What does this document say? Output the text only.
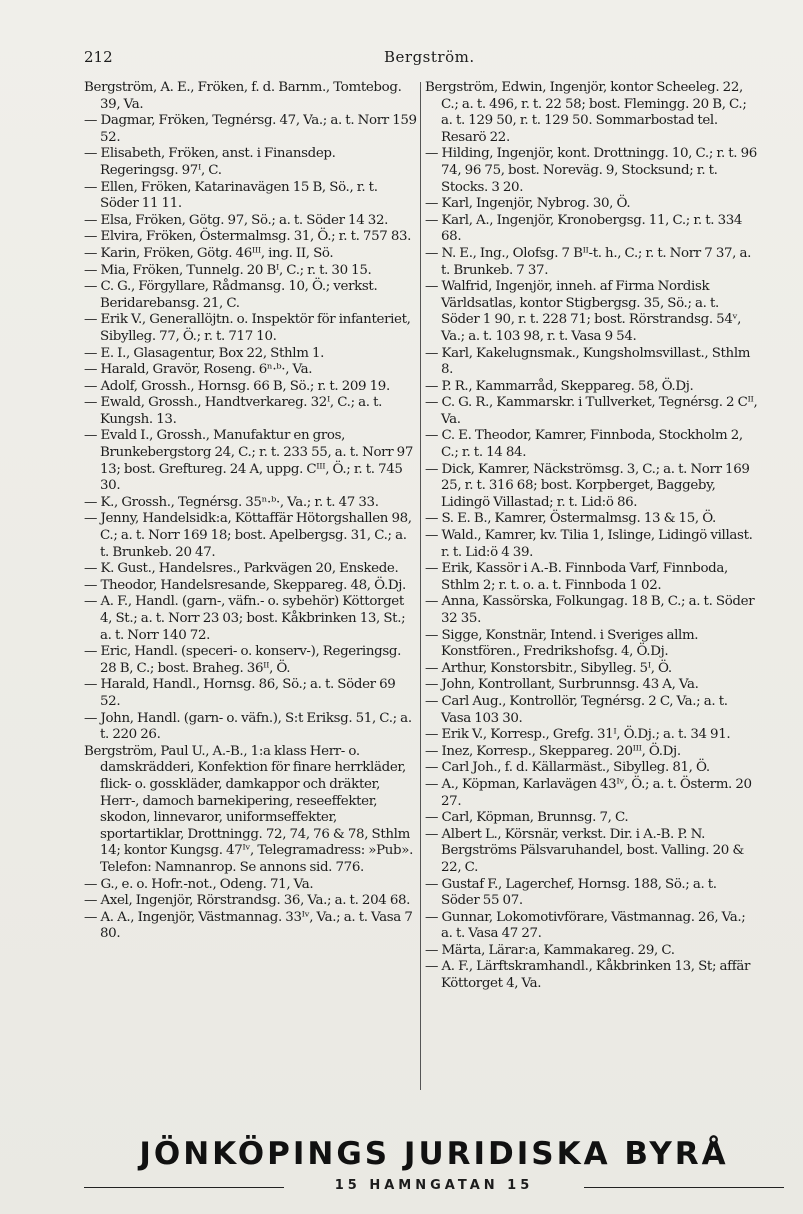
212	Bergström.

Bergström, A. E., Fröken, f. d. Barnm., Tomtebog. 39, Va.

— Dagmar, Fröken, Tegnérsg. 47, Va.; a. t. Norr 159 52.

— Elisabeth, Fröken, anst. i Finansdep. Regeringsg. 97ᴵ, C.

— Ellen, Fröken, Katarinavägen 15 B, Sö., r. t. Söder 11 11.

— Elsa, Fröken, Götg. 97, Sö.; a. t. Söder 14 32.

— Elvira, Fröken, Östermalmsg. 31, Ö.; r. t. 757 83.

— Karin, Fröken, Götg. 46ᴵᴵᴵ, ing. II, Sö.

— Mia, Fröken, Tunnelg. 20 Bᴵ, C.; r. t. 30 15.

— C. G., Förgyllare, Rådmansg. 10, Ö.; verkst. Beridarebansg. 21, C.

— Erik V., Generallöjtn. o. Inspektör för infanteriet, Sibylleg. 77, Ö.; r. t. 717 10.

— E. I., Glasagentur, Box 22, Sthlm 1.

— Harald, Gravör, Roseng. 6ⁿ·ᵇ·, Va.

— Adolf, Grossh., Hornsg. 66 B, Sö.; r. t. 209 19.

— Ewald, Grossh., Handtverkareg. 32ᴵ, C.; a. t. Kungsh. 13.

— Evald I., Grossh., Manufaktur en gros, Brunkebergstorg 24, C.; r. t. 233 55, a. t. Norr 97 13; bost. Greftureg. 24 A, uppg. Cᴵᴵᴵ, Ö.; r. t. 745 30.

— K., Grossh., Tegnérsg. 35ⁿ·ᵇ·, Va.; r. t. 47 33.

— Jenny, Handelsidk:a, Köttaffär Hötorgshallen 98, C.; a. t. Norr 169 18; bost. Apelbergsg. 31, C.; a. t. Brunkeb. 20 47.

— K. Gust., Handelsres., Parkvägen 20, Enskede.

— Theodor, Handelsresande, Skeppareg. 48, Ö.Dj.

— A. F., Handl. (garn-, väfn.- o. sybehör) Köttorget 4, St.; a. t. Norr 23 03; bost. Kåkbrinken 13, St.; a. t. Norr 140 72.

— Eric, Handl. (speceri- o. konserv-), Regeringsg. 28 B, C.; bost. Braheg. 36ᴵᴵ, Ö.

— Harald, Handl., Hornsg. 86, Sö.; a. t. Söder 69 52.

— John, Handl. (garn- o. väfn.), S:t Eriksg. 51, C.; a. t. 220 26.

Bergström, Paul U., A.-B., 1:a klass Herr- o. damskrädderi, Konfektion för finare herrkläder, flick- o. gosskläder, damkappor och dräkter, Herr-, damoch barnekipering, reseeffekter, skodon, linnevaror, uniformseffekter, sportartiklar, Drottningg. 72, 74, 76 & 78, Sthlm 14; kontor Kungsg. 47ᴵᵛ, Telegramadress: »Pub». Telefon: Namnanrop. Se annons sid. 776.

— G., e. o. Hofr.-not., Odeng. 71, Va.

— Axel, Ingenjör, Rörstrandsg. 36, Va.; a. t. 204 68.

— A. A., Ingenjör, Västmannag. 33ᴵᵛ, Va.; a. t. Vasa 7 80.

Bergström, Edwin, Ingenjör, kontor Scheeleg. 22, C.; a. t. 496, r. t. 22 58; bost. Flemingg. 20 B, C.; a. t. 129 50, r. t. 129 50. Sommarbostad tel. Resarö 22.

— Hilding, Ingenjör, kont. Drottningg. 10, C.; r. t. 96 74, 96 75, bost. Noreväg. 9, Stocksund; r. t. Stocks. 3 20.

— Karl, Ingenjör, Nybrog. 30, Ö.

— Karl, A., Ingenjör, Kronobergsg. 11, C.; r. t. 334 68.

— N. E., Ing., Olofsg. 7 Bᴵᴵ-t. h., C.; r. t. Norr 7 37, a. t. Brunkeb. 7 37.

— Walfrid, Ingenjör, inneh. af Firma Nordisk Världsatlas, kontor Stigbergsg. 35, Sö.; a. t. Söder 1 90, r. t. 228 71; bost. Rörstrandsg. 54ᵛ, Va.; a. t. 103 98, r. t. Vasa 9 54.

— Karl, Kakelugnsmak., Kungsholmsvillast., Sthlm 8.

— P. R., Kammarråd, Skeppareg. 58, Ö.Dj.

— C. G. R., Kammarskr. i Tullverket, Tegnérsg. 2 Cᴵᴵ, Va.

— C. E. Theodor, Kamrer, Finnboda, Stockholm 2, C.; r. t. 14 84.

— Dick, Kamrer, Näckströmsg. 3, C.; a. t. Norr 169 25, r. t. 316 68; bost. Korpberget, Baggeby, Lidingö Villastad; r. t. Lid:ö 86.

— S. E. B., Kamrer, Östermalmsg. 13 & 15, Ö.

— Wald., Kamrer, kv. Tilia 1, Islinge, Lidingö villast. r. t. Lid:ö 4 39.

— Erik, Kassör i A.-B. Finnboda Varf, Finnboda, Sthlm 2; r. t. o. a. t. Finnboda 1 02.

— Anna, Kassörska, Folkungag. 18 B, C.; a. t. Söder 32 35.

— Sigge, Konstnär, Intend. i Sveriges allm. Konstfören., Fredrikshofsg. 4, Ö.Dj.

— Arthur, Konstorsbitr., Sibylleg. 5ᴵ, Ö.

— John, Kontrollant, Surbrunnsg. 43 A, Va.

— Carl Aug., Kontrollör, Tegnérsg. 2 C, Va.; a. t. Vasa 103 30.

— Erik V., Korresp., Grefg. 31ᴵ, Ö.Dj.; a. t. 34 91.

— Inez, Korresp., Skeppareg. 20ᴵᴵᴵ, Ö.Dj.

— Carl Joh., f. d. Källarmäst., Sibylleg. 81, Ö.

— A., Köpman, Karlavägen 43ᴵᵛ, Ö.; a. t. Österm. 20 27.

— Carl, Köpman, Brunnsg. 7, C.

— Albert L., Körsnär, verkst. Dir. i A.-B. P. N. Bergströms Pälsvaruhandel, bost. Valling. 20 & 22, C.

— Gustaf F., Lagerchef, Hornsg. 188, Sö.; a. t. Söder 55 07.

— Gunnar, Lokomotivförare, Västmannag. 26, Va.; a. t. Vasa 47 27.

— Märta, Lärar:a, Kammakareg. 29, C.

— A. F., Lärftskramhandl., Kåkbrinken 13, St; affär Köttorget 4, Va.

JÖNKÖPINGS JURIDISKA BYRÅ
15 HAMNGATAN 15
